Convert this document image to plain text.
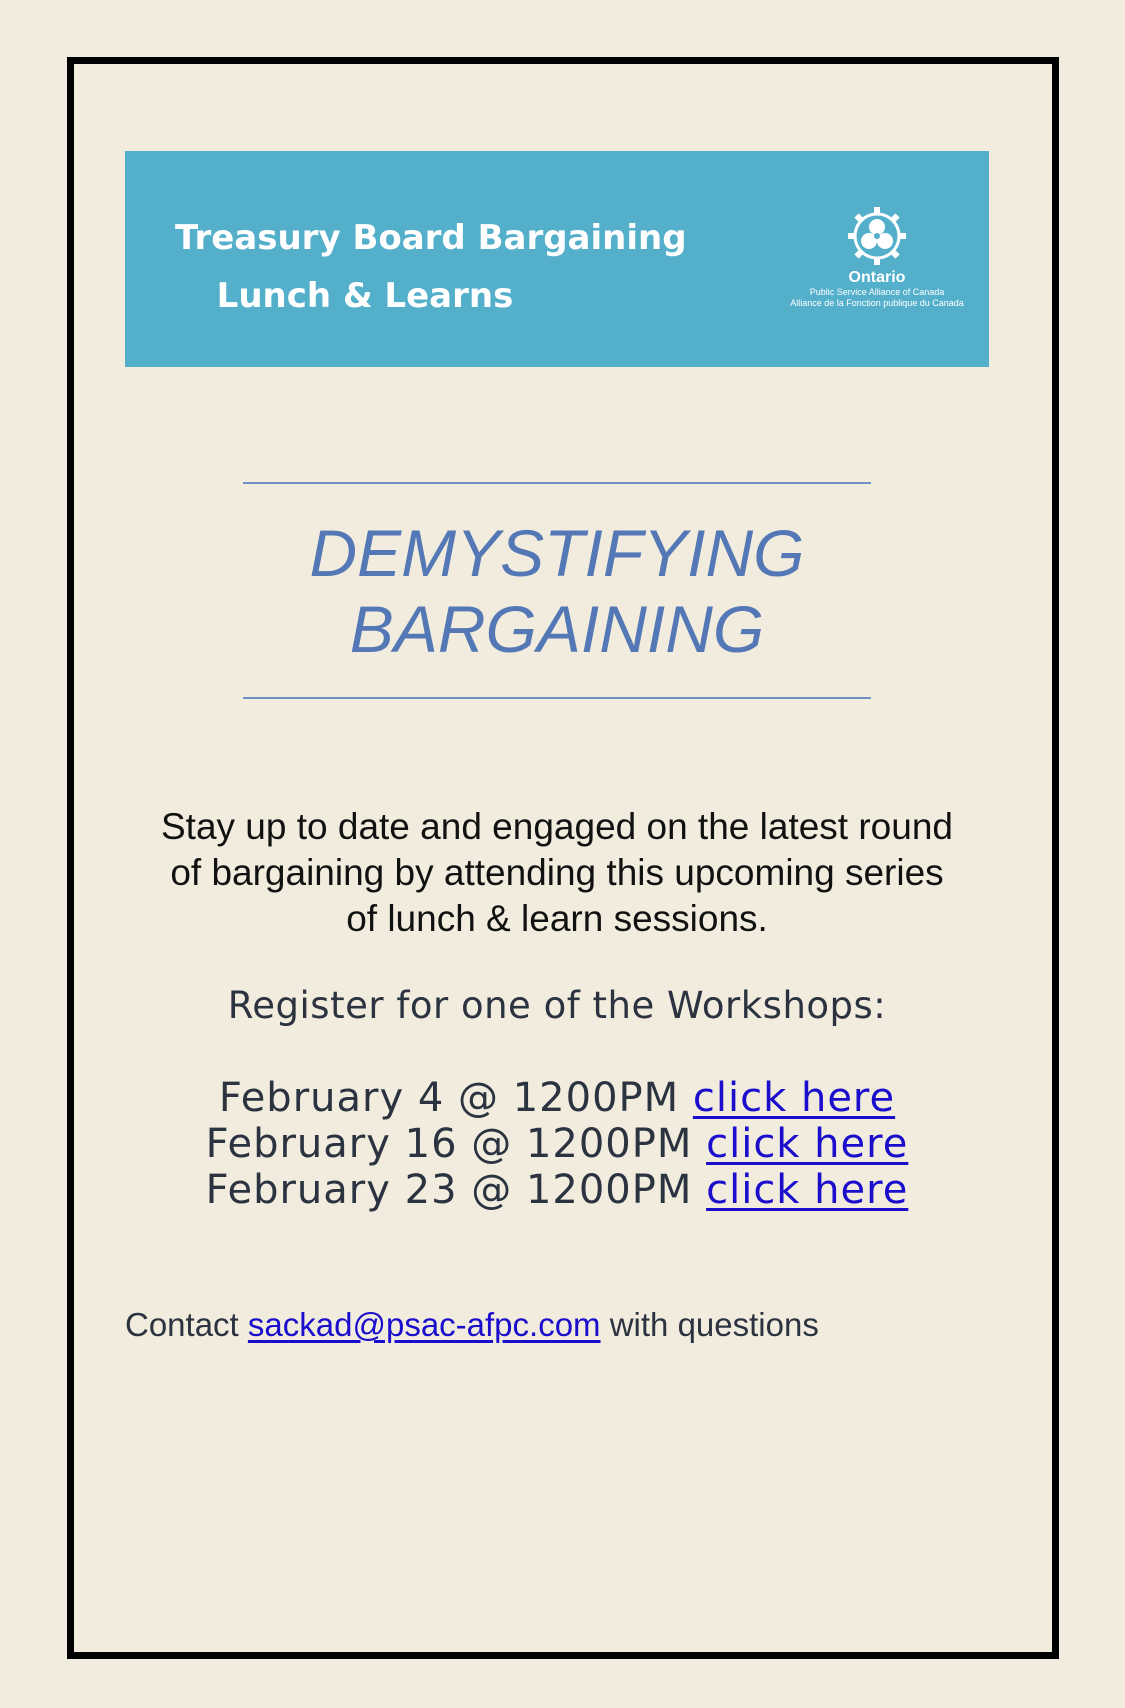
Treasury Board Bargaining
Lunch & Learns	Ontario
Public Service Alliance of Canada
Alliance de la Fonction publique du Canada
DEMYSTIFYING
BARGAINING
Stay up to date and engaged on the latest round
of bargaining by attending this upcoming series
of lunch & learn sessions.
Register for one of the Workshops:
February 4 @ 1200PM click here
February 16 @ 1200PM click here
February 23 @ 1200PM click here
Contact sackad@psac-afpc.com with questions
